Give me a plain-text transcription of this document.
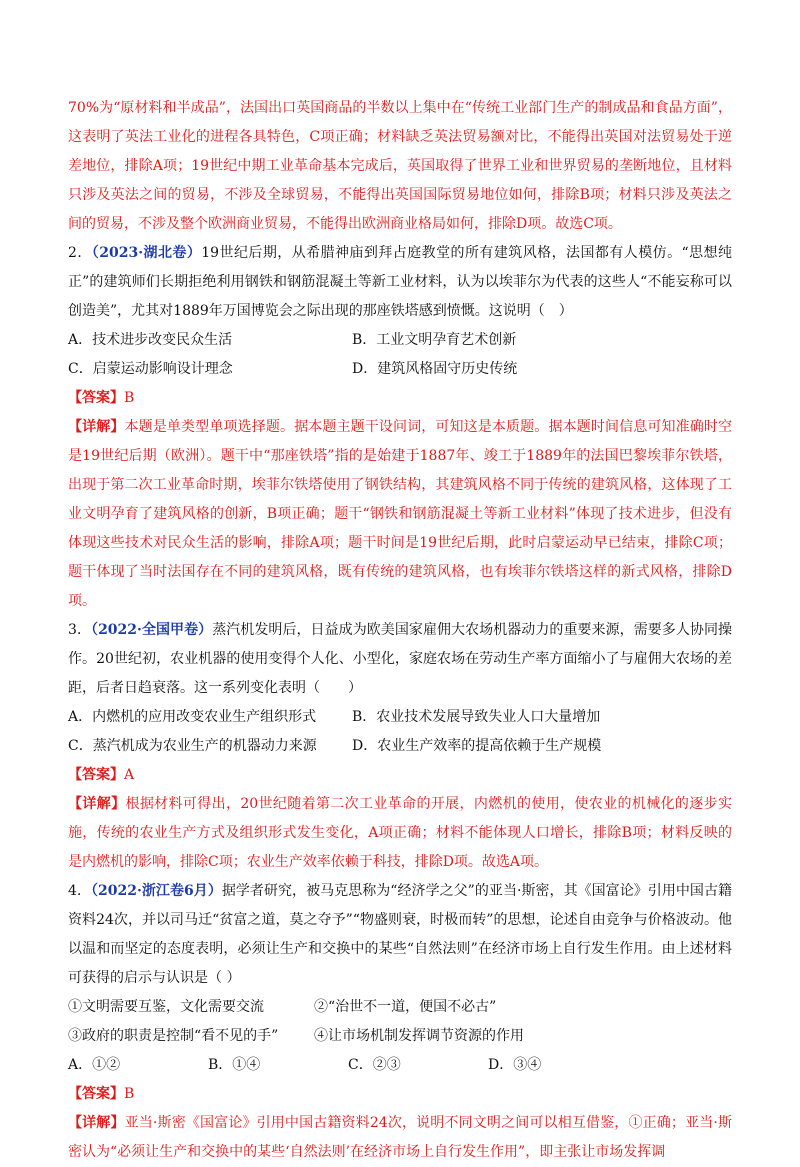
70%为“原材料和半成品”，法国出口英国商品的半数以上集中在“传统工业部门生产的制成品和食品方面”，这表明了英法工业化的进程各具特色，C项正确；材料缺乏英法贸易额对比，不能得出英国对法贸易处于逆差地位，排除A项；19世纪中期工业革命基本完成后，英国取得了世界工业和世界贸易的垄断地位，且材料只涉及英法之间的贸易，不涉及全球贸易，不能得出英国国际贸易地位如何，排除B项；材料只涉及英法之间的贸易，不涉及整个欧洲商业贸易，不能得出欧洲商业格局如何，排除D项。故选C项。

2．（2023·湖北卷）19世纪后期，从希腊神庙到拜占庭教堂的所有建筑风格，法国都有人模仿。“思想纯正”的建筑师们长期拒绝利用钢铁和钢筋混凝土等新工业材料，认为以埃菲尔为代表的这些人“不能妄称可以创造美”，尤其对1889年万国博览会之际出现的那座铁塔感到愤慨。这说明（　）

A．技术进步改变民众生活	B．工业文明孕育艺术创新
C．启蒙运动影响设计理念	D．建筑风格固守历史传统
【答案】B

【详解】本题是单类型单项选择题。据本题主题干设问词，可知这是本质题。据本题时间信息可知准确时空是19世纪后期（欧洲）。题干中“那座铁塔”指的是始建于1887年、竣工于1889年的法国巴黎埃菲尔铁塔，出现于第二次工业革命时期，埃菲尔铁塔使用了钢铁结构，其建筑风格不同于传统的建筑风格，这体现了工业文明孕育了建筑风格的创新，B项正确；题干“钢铁和钢筋混凝土等新工业材料”体现了技术进步，但没有体现这些技术对民众生活的影响，排除A项；题干时间是19世纪后期，此时启蒙运动早已结束，排除C项；题干体现了当时法国存在不同的建筑风格，既有传统的建筑风格，也有埃菲尔铁塔这样的新式风格，排除D项。

3．（2022·全国甲卷）蒸汽机发明后，日益成为欧美国家雇佣大农场机器动力的重要来源，需要多人协同操作。20世纪初，农业机器的使用变得个人化、小型化，家庭农场在劳动生产率方面缩小了与雇佣大农场的差距，后者日趋衰落。这一系列变化表明（　　）

A．内燃机的应用改变农业生产组织形式	B．农业技术发展导致失业人口大量增加
C．蒸汽机成为农业生产的机器动力来源	D．农业生产效率的提高依赖于生产规模
【答案】A

【详解】根据材料可得出，20世纪随着第二次工业革命的开展，内燃机的使用，使农业的机械化的逐步实施，传统的农业生产方式及组织形式发生变化，A项正确；材料不能体现人口增长，排除B项；材料反映的是内燃机的影响，排除C项；农业生产效率依赖于科技，排除D项。故选A项。

4．（2022·浙江卷6月）据学者研究，被马克思称为“经济学之父”的亚当·斯密，其《国富论》引用中国古籍资料24次，并以司马迁“贫富之道，莫之夺予”“物盛则衰，时极而转”的思想，论述自由竞争与价格波动。他以温和而坚定的态度表明，必须让生产和交换中的某些“自然法则”在经济市场上自行发生作用。由上述材料可获得的启示与认识是（ ）

①文明需要互鉴，文化需要交流	②“治世不一道，便国不必古”
③政府的职责是控制“看不见的手”	④让市场机制发挥调节资源的作用
A．①②	B．①④	C．②③	D．③④
【答案】B

【详解】亚当·斯密《国富论》引用中国古籍资料24次，说明不同文明之间可以相互借鉴，①正确；亚当·斯密认为“必须让生产和交换中的某些‘自然法则’在经济市场上自行发生作用”，即主张让市场发挥调
